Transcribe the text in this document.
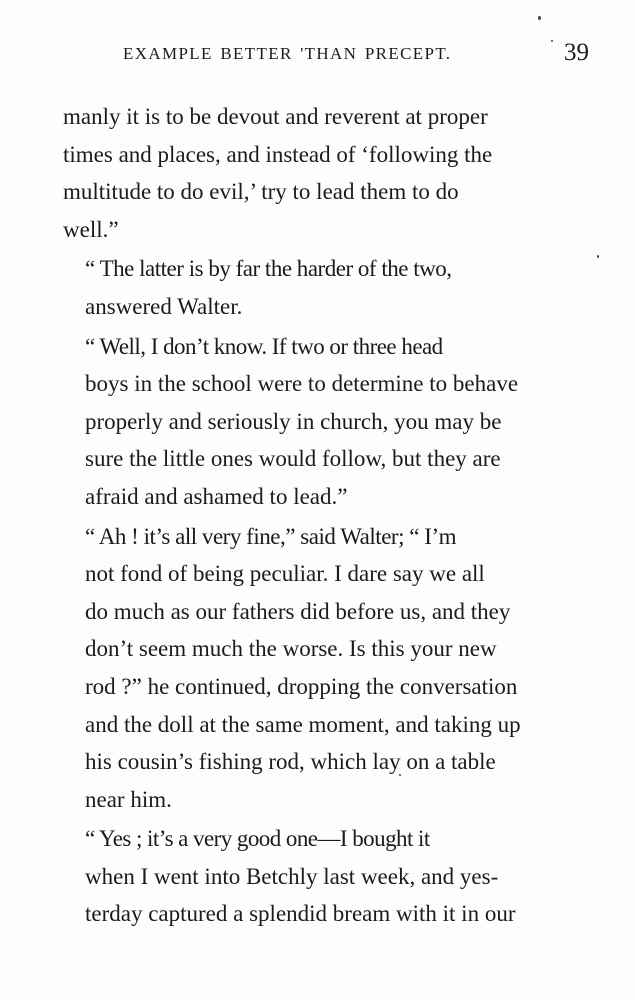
EXAMPLE BETTER 'THAN PRECEPT.	39

manly it is to be devout and reverent at proper
times and places, and instead of ‘following the
multitude to do evil,’ try to lead them to do
well.”

“ The latter is by far the harder of the two,
answered Walter.

“ Well, I don’t know. If two or three head
boys in the school were to determine to behave
properly and seriously in church, you may be
sure the little ones would follow, but they are
afraid and ashamed to lead.”

“ Ah ! it’s all very fine,” said Walter; “ I’m
not fond of being peculiar. I dare say we all
do much as our fathers did before us, and they
don’t seem much the worse. Is this your new
rod ?” he continued, dropping the conversation
and the doll at the same moment, and taking up
his cousin’s fishing rod, which lay on a table
near him.

“ Yes ; it’s a very good one—I bought it
when I went into Betchly last week, and yes-
terday captured a splendid bream with it in our
